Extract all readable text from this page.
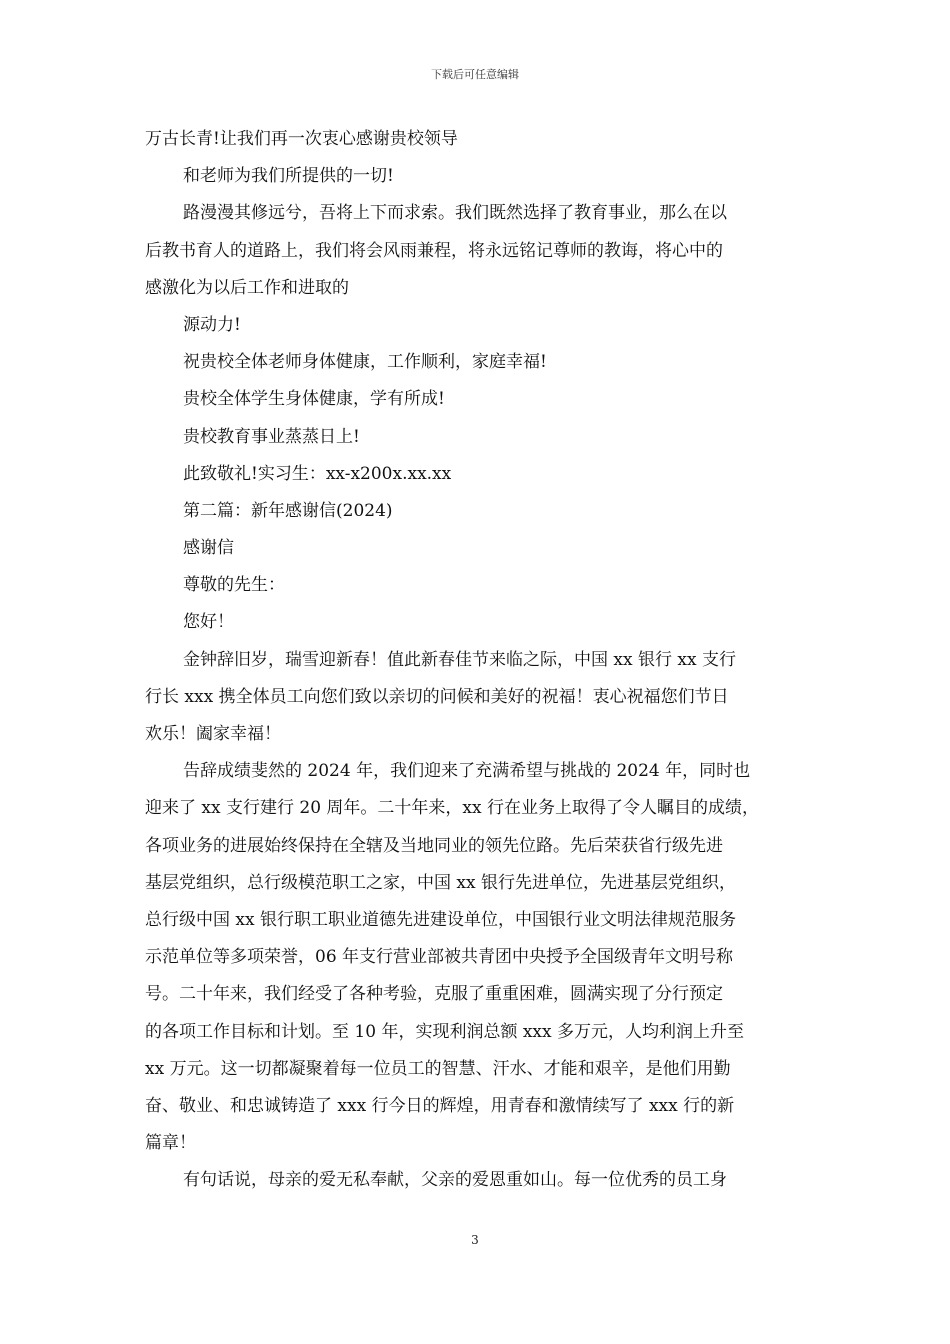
下载后可任意编辑
万古长青!让我们再一次衷心感谢贵校领导
和老师为我们所提供的一切!
路漫漫其修远兮，吾将上下而求索。我们既然选择了教育事业，那么在以
后教书育人的道路上，我们将会风雨兼程，将永远铭记尊师的教诲，将心中的
感激化为以后工作和进取的
源动力!
祝贵校全体老师身体健康，工作顺利，家庭幸福!
贵校全体学生身体健康，学有所成!
贵校教育事业蒸蒸日上!
此致敬礼!实习生：xx-x200x.xx.xx
第二篇：新年感谢信(2024)
感谢信
尊敬的先生：
您好！
金钟辞旧岁，瑞雪迎新春！值此新春佳节来临之际，中国 xx 银行 xx 支行
行长 xxx 携全体员工向您们致以亲切的问候和美好的祝福！衷心祝福您们节日
欢乐！阖家幸福！
告辞成绩斐然的 2024 年，我们迎来了充满希望与挑战的 2024 年，同时也
迎来了 xx 支行建行 20 周年。二十年来，xx 行在业务上取得了令人瞩目的成绩，
各项业务的进展始终保持在全辖及当地同业的领先位路。先后荣获省行级先进
基层党组织，总行级模范职工之家，中国 xx 银行先进单位，先进基层党组织，
总行级中国 xx 银行职工职业道德先进建设单位，中国银行业文明法律规范服务
示范单位等多项荣誉，06 年支行营业部被共青团中央授予全国级青年文明号称
号。二十年来，我们经受了各种考验，克服了重重困难，圆满实现了分行预定
的各项工作目标和计划。至 10 年，实现利润总额 xxx 多万元，人均利润上升至
xx 万元。这一切都凝聚着每一位员工的智慧、汗水、才能和艰辛，是他们用勤
奋、敬业、和忠诚铸造了 xxx 行今日的辉煌，用青春和激情续写了 xxx 行的新
篇章！
有句话说，母亲的爱无私奉献，父亲的爱恩重如山。每一位优秀的员工身
3
